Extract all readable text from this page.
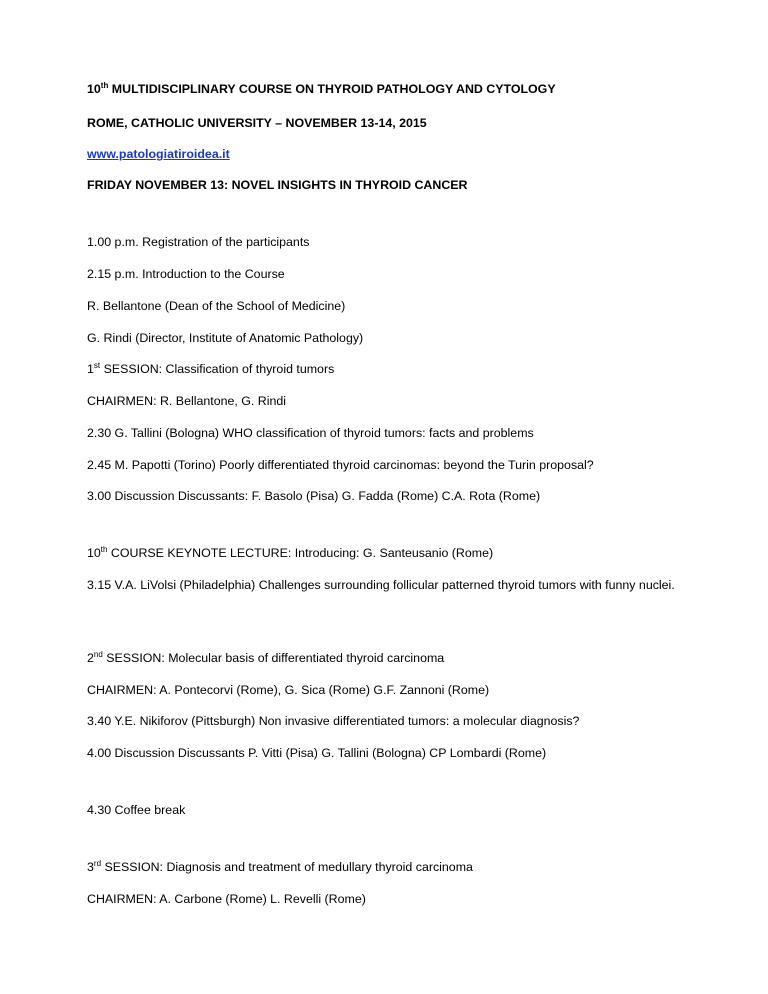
10th MULTIDISCIPLINARY COURSE ON THYROID PATHOLOGY AND CYTOLOGY
ROME, CATHOLIC UNIVERSITY – NOVEMBER 13-14, 2015
www.patologiatiroidea.it
FRIDAY NOVEMBER 13: NOVEL INSIGHTS IN THYROID CANCER
1.00 p.m. Registration of the participants
2.15 p.m. Introduction to the Course
R. Bellantone (Dean of the School of Medicine)
G. Rindi (Director, Institute of Anatomic Pathology)
1st SESSION: Classification of thyroid tumors
CHAIRMEN: R. Bellantone, G. Rindi
2.30 G. Tallini (Bologna) WHO classification of thyroid tumors: facts and problems
2.45 M. Papotti (Torino) Poorly differentiated thyroid carcinomas: beyond the Turin proposal?
3.00 Discussion Discussants: F. Basolo (Pisa) G. Fadda (Rome) C.A. Rota (Rome)
10th COURSE KEYNOTE LECTURE: Introducing: G. Santeusanio (Rome)
3.15 V.A. LiVolsi (Philadelphia) Challenges surrounding follicular patterned thyroid tumors with funny nuclei.
2nd SESSION: Molecular basis of differentiated thyroid carcinoma
CHAIRMEN: A. Pontecorvi (Rome), G. Sica (Rome) G.F. Zannoni (Rome)
3.40 Y.E. Nikiforov (Pittsburgh) Non invasive differentiated tumors: a molecular diagnosis?
4.00 Discussion Discussants P. Vitti (Pisa) G. Tallini (Bologna) CP Lombardi (Rome)
4.30 Coffee break
3rd SESSION: Diagnosis and treatment of medullary thyroid carcinoma
CHAIRMEN: A. Carbone (Rome) L. Revelli (Rome)
